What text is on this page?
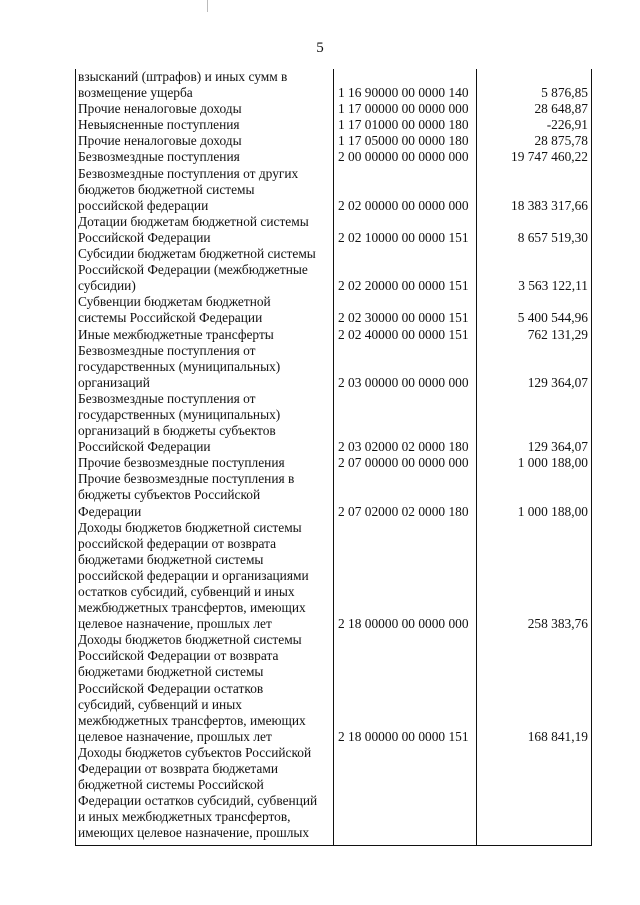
5
взысканий (штрафов) и иных сумм в
возмещение ущерба	1 16 90000 00 0000 140	5 876,85
Прочие неналоговые доходы	1 17 00000 00 0000 000	28 648,87
Невыясненные поступления	1 17 01000 00 0000 180	-226,91
Прочие неналоговые доходы	1 17 05000 00 0000 180	28 875,78
Безвозмездные поступления	2 00 00000 00 0000 000	19 747 460,22
Безвозмездные поступления от других
бюджетов бюджетной системы
российской федерации	2 02 00000 00 0000 000	18 383 317,66
Дотации бюджетам бюджетной системы
Российской Федерации	2 02 10000 00 0000 151	8 657 519,30
Субсидии бюджетам бюджетной системы
Российской Федерации (межбюджетные
субсидии)	2 02 20000 00 0000 151	3 563 122,11
Субвенции бюджетам бюджетной
системы Российской Федерации	2 02 30000 00 0000 151	5 400 544,96
Иные межбюджетные трансферты	2 02 40000 00 0000 151	762 131,29
Безвозмездные поступления от
государственных (муниципальных)
организаций	2 03 00000 00 0000 000	129 364,07
Безвозмездные поступления от
государственных (муниципальных)
организаций в бюджеты субъектов
Российской Федерации	2 03 02000 02 0000 180	129 364,07
Прочие безвозмездные поступления	2 07 00000 00 0000 000	1 000 188,00
Прочие безвозмездные поступления в
бюджеты субъектов Российской
Федерации	2 07 02000 02 0000 180	1 000 188,00
Доходы бюджетов бюджетной системы
российской федерации от возврата
бюджетами бюджетной системы
российской федерации и организациями
остатков субсидий, субвенций и иных
межбюджетных трансфертов, имеющих
целевое назначение, прошлых лет	2 18 00000 00 0000 000	258 383,76
Доходы бюджетов бюджетной системы
Российской Федерации от возврата
бюджетами бюджетной системы
Российской Федерации остатков
субсидий, субвенций и иных
межбюджетных трансфертов, имеющих
целевое назначение, прошлых лет	2 18 00000 00 0000 151	168 841,19
Доходы бюджетов субъектов Российской
Федерации от возврата бюджетами
бюджетной системы Российской
Федерации остатков субсидий, субвенций
и иных межбюджетных трансфертов,
имеющих целевое назначение, прошлых
